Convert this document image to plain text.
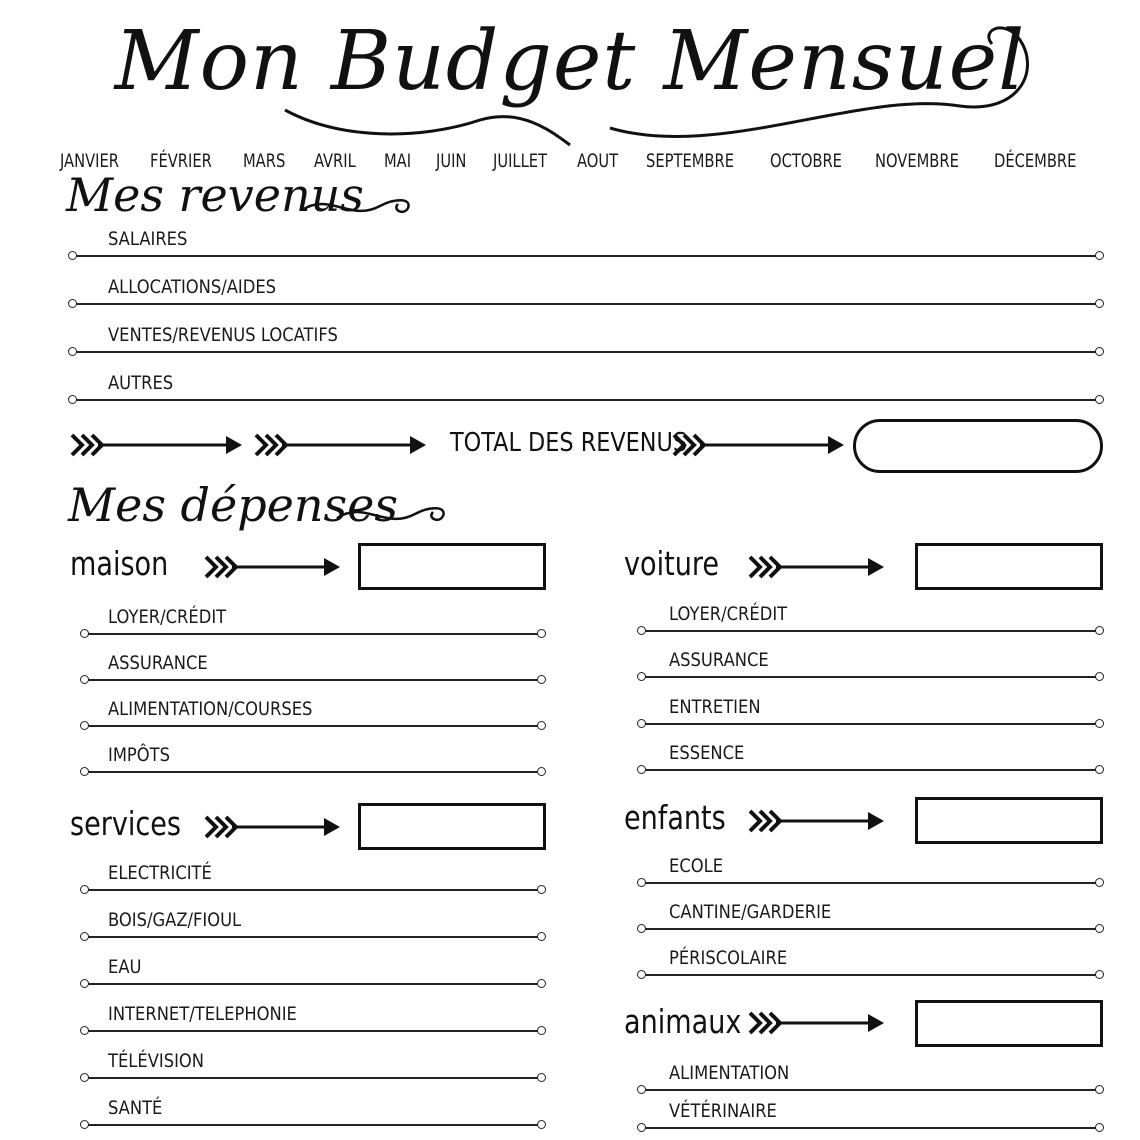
Mon Budget Mensuel
JANVIER FÉVRIER MARS AVRIL MAI JUIN JUILLET AOUT SEPTEMBRE OCTOBRE NOVEMBRE DÉCEMBRE
Mes revenus
SALAIRES
ALLOCATIONS/AIDES
VENTES/REVENUS LOCATIFS
AUTRES
TOTAL DES REVENUS
Mes dépenses
maison
LOYER/CRÉDIT
ASSURANCE
ALIMENTATION/COURSES
IMPÔTS
services
ELECTRICITÉ
BOIS/GAZ/FIOUL
EAU
INTERNET/TELEPHONIE
TÉLÉVISION
SANTÉ
voiture
LOYER/CRÉDIT
ASSURANCE
ENTRETIEN
ESSENCE
enfants
ECOLE
CANTINE/GARDERIE
PÉRISCOLAIRE
animaux
ALIMENTATION
VÉTÉRINAIRE
